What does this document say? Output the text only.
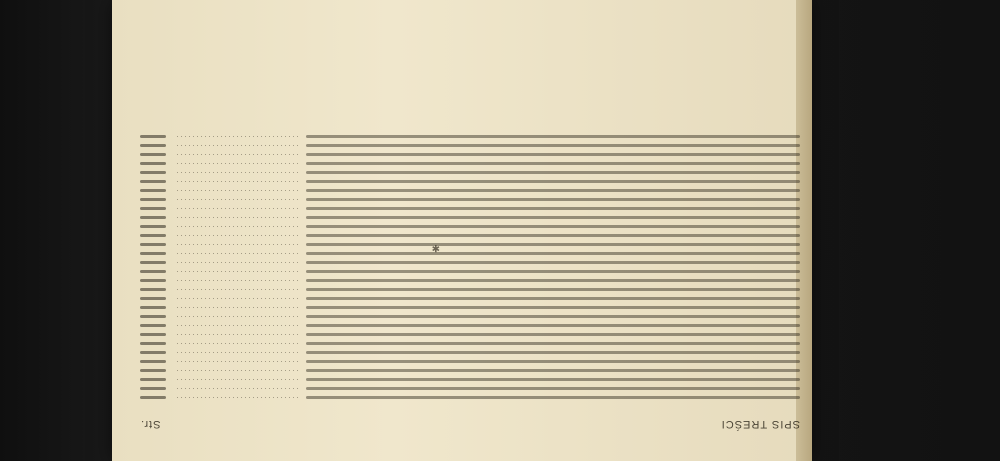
SPIS TREŚCI
Str.
✱
